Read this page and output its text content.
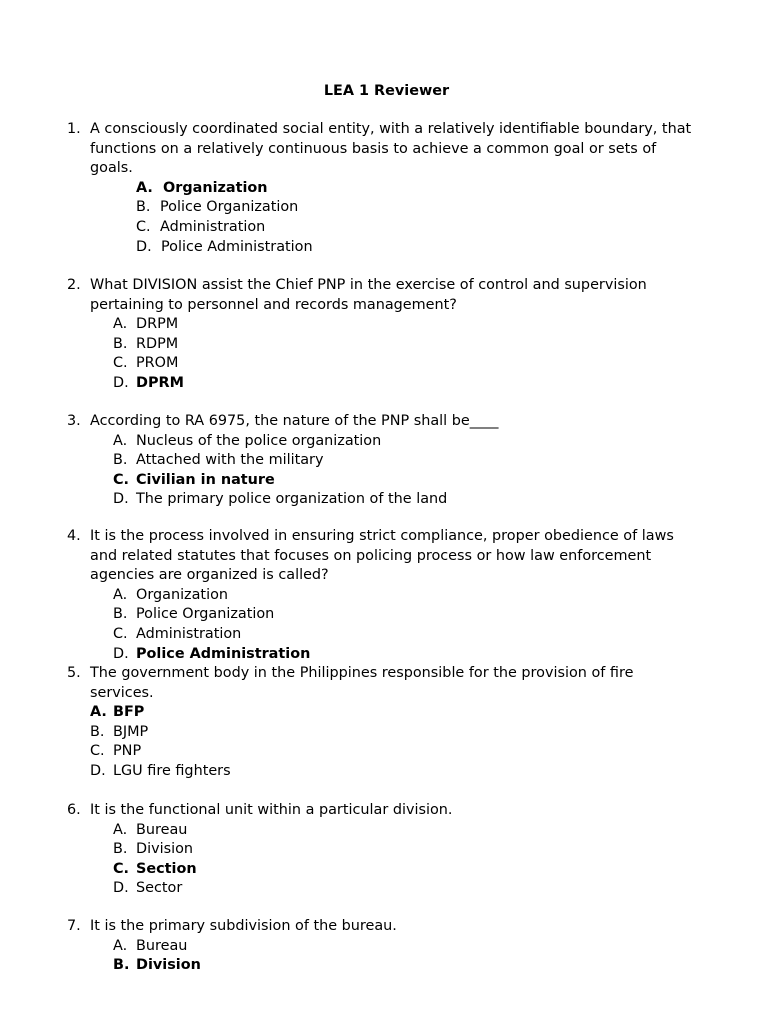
LEA 1 Reviewer
1. A consciously coordinated social entity, with a relatively identifiable boundary, that
functions on a relatively continuous basis to achieve a common goal or sets of
goals.
A. Organization
B. Police Organization
C. Administration
D. Police Administration
2. What DIVISION assist the Chief PNP in the exercise of control and supervision
pertaining to personnel and records management?
A. DRPM
B. RDPM
C. PROM
D. DPRM
3. According to RA 6975, the nature of the PNP shall be____
A. Nucleus of the police organization
B. Attached with the military
C. Civilian in nature
D. The primary police organization of the land
4. It is the process involved in ensuring strict compliance, proper obedience of laws
and related statutes that focuses on policing process or how law enforcement
agencies are organized is called?
A. Organization
B. Police Organization
C. Administration
D. Police Administration
5. The government body in the Philippines responsible for the provision of fire
services.
A. BFP
B. BJMP
C. PNP
D. LGU fire fighters
6. It is the functional unit within a particular division.
A. Bureau
B. Division
C. Section
D. Sector
7. It is the primary subdivision of the bureau.
A. Bureau
B. Division
